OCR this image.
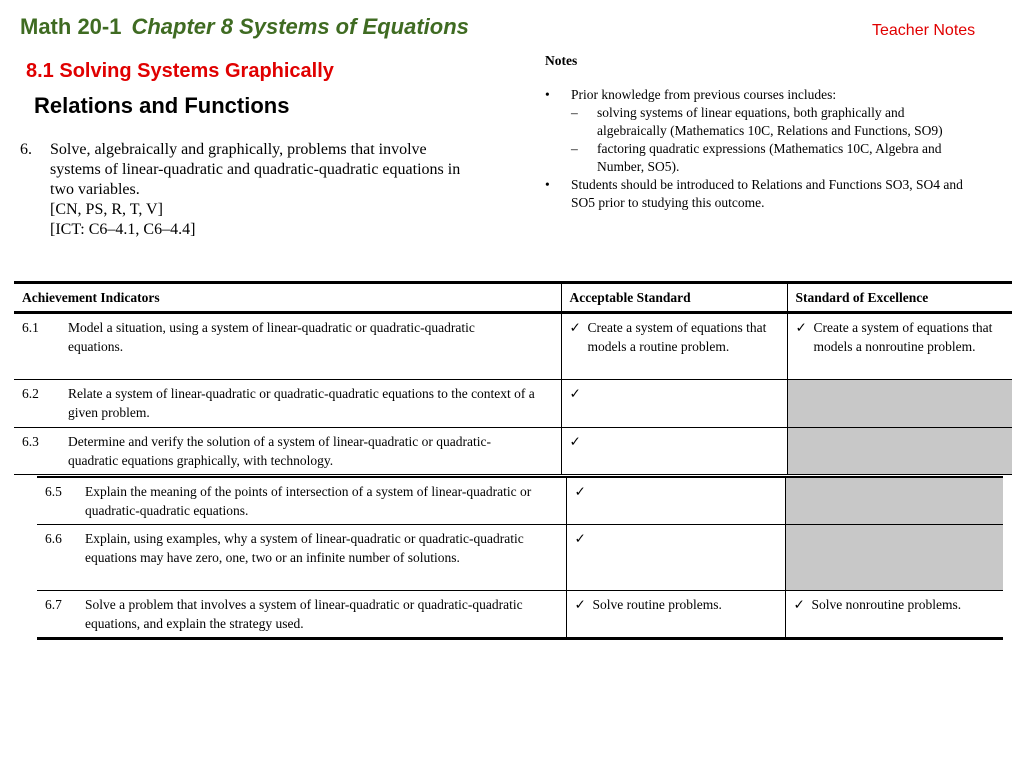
Math 20-1 Chapter 8 Systems of Equations	Teacher Notes
8.1 Solving Systems Graphically
Relations and Functions
6. Solve, algebraically and graphically, problems that involve
systems of linear-quadratic and quadratic-quadratic equations in
two variables.
[CN, PS, R, T, V]
[ICT: C6–4.1, C6–4.4]
Notes
• Prior knowledge from previous courses includes:
– solving systems of linear equations, both graphically and algebraically (Mathematics 10C, Relations and Functions, SO9)
– factoring quadratic expressions (Mathematics 10C, Algebra and Number, SO5).
• Students should be introduced to Relations and Functions SO3, SO4 and SO5 prior to studying this outcome.
Achievement Indicators	Acceptable Standard	Standard of Excellence
6.1 Model a situation, using a system of linear-quadratic or quadratic-quadratic equations.	✓ Create a system of equations that models a routine problem.	✓ Create a system of equations that models a nonroutine problem.

6.2 Relate a system of linear-quadratic or quadratic-quadratic equations to the context of a given problem.	✓	
6.3 Determine and verify the solution of a system of linear-quadratic or quadratic-quadratic equations graphically, with technology.	✓	
6.5 Explain the meaning of the points of intersection of a system of linear-quadratic or quadratic-quadratic equations.	✓	
6.6 Explain, using examples, why a system of linear-quadratic or quadratic-quadratic equations may have zero, one, two or an infinite number of solutions.	✓	
6.7 Solve a problem that involves a system of linear-quadratic or quadratic-quadratic equations, and explain the strategy used.	✓ Solve routine problems.	✓ Solve nonroutine problems.
